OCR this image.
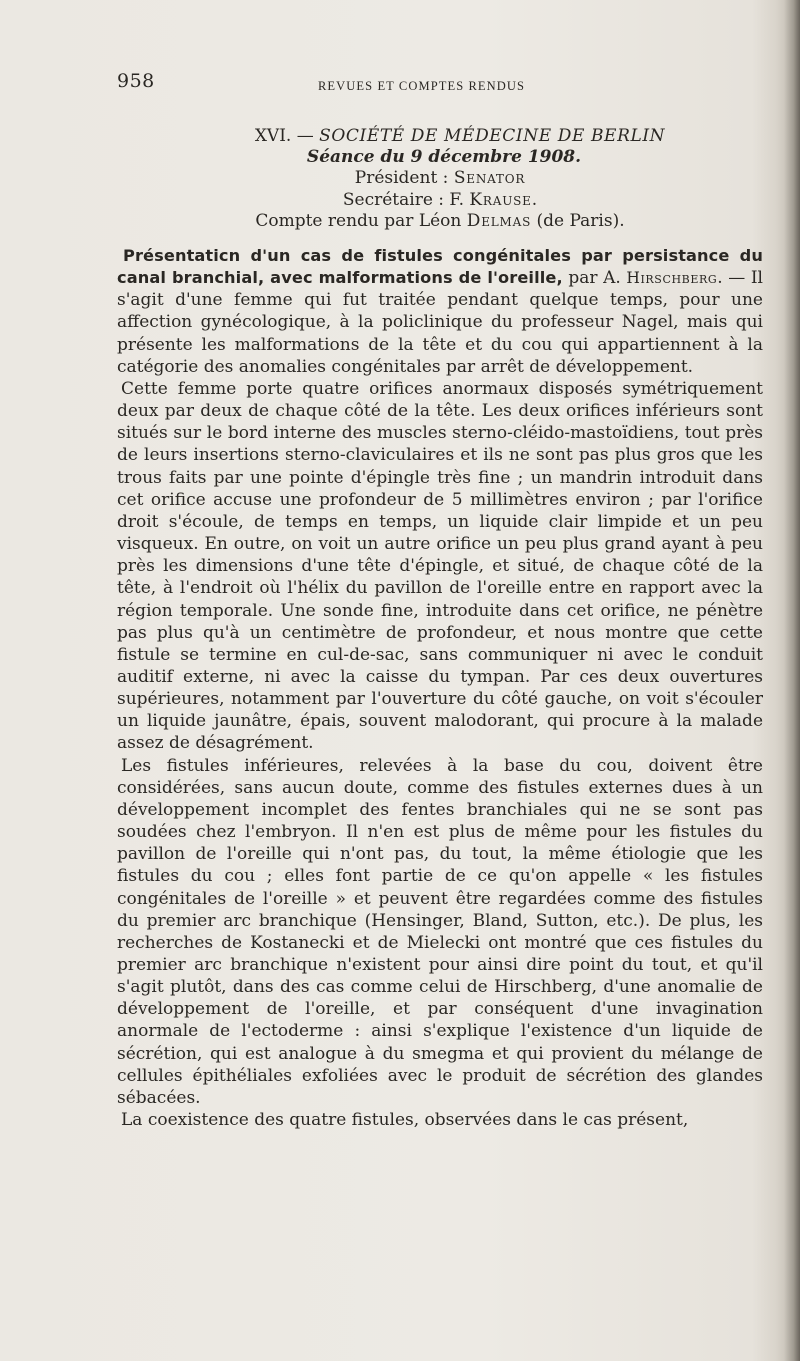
958	REVUES ET COMPTES RENDUS
XVI. — SOCIÉTÉ DE MÉDECINE DE BERLIN
Séance du 9 décembre 1908.
Président : Senator
Secrétaire : F. Krause.
Compte rendu par Léon Delmas (de Paris).

Présentaticn d'un cas de fistules congénitales par persistance du canal branchial, avec malformations de l'oreille, par A. Hirschberg. — Il s'agit d'une femme qui fut traitée pendant quelque temps, pour une affection gynécologique, à la policlinique du professeur Nagel, mais qui présente les malformations de la tête et du cou qui appartiennent à la catégorie des anomalies congénitales par arrêt de développement.

Cette femme porte quatre orifices anormaux disposés symétriquement deux par deux de chaque côté de la tête. Les deux orifices inférieurs sont situés sur le bord interne des muscles sterno-cléido-mastoïdiens, tout près de leurs insertions sterno-claviculaires et ils ne sont pas plus gros que les trous faits par une pointe d'épingle très fine ; un mandrin introduit dans cet orifice accuse une profondeur de 5 millimètres environ ; par l'orifice droit s'écoule, de temps en temps, un liquide clair limpide et un peu visqueux. En outre, on voit un autre orifice un peu plus grand ayant à peu près les dimensions d'une tête d'épingle, et situé, de chaque côté de la tête, à l'endroit où l'hélix du pavillon de l'oreille entre en rapport avec la région temporale. Une sonde fine, introduite dans cet orifice, ne pénètre pas plus qu'à un centimètre de profondeur, et nous montre que cette fistule se termine en cul-de-sac, sans communiquer ni avec le conduit auditif externe, ni avec la caisse du tympan. Par ces deux ouvertures supérieures, notamment par l'ouverture du côté gauche, on voit s'écouler un liquide jaunâtre, épais, souvent malodorant, qui procure à la malade assez de désagrément.

Les fistules inférieures, relevées à la base du cou, doivent être considérées, sans aucun doute, comme des fistules externes dues à un développement incomplet des fentes branchiales qui ne se sont pas soudées chez l'embryon. Il n'en est plus de même pour les fistules du pavillon de l'oreille qui n'ont pas, du tout, la même étiologie que les fistules du cou ; elles font partie de ce qu'on appelle « les fistules congénitales de l'oreille » et peuvent être regardées comme des fistules du premier arc branchique (Hensinger, Bland, Sutton, etc.). De plus, les recherches de Kostanecki et de Mielecki ont montré que ces fistules du premier arc branchique n'existent pour ainsi dire point du tout, et qu'il s'agit plutôt, dans des cas comme celui de Hirschberg, d'une anomalie de développement de l'oreille, et par conséquent d'une invagination anormale de l'ectoderme : ainsi s'explique l'existence d'un liquide de sécrétion, qui est analogue à du smegma et qui provient du mélange de cellules épithéliales exfoliées avec le produit de sécrétion des glandes sébacées.

La coexistence des quatre fistules, observées dans le cas présent,
